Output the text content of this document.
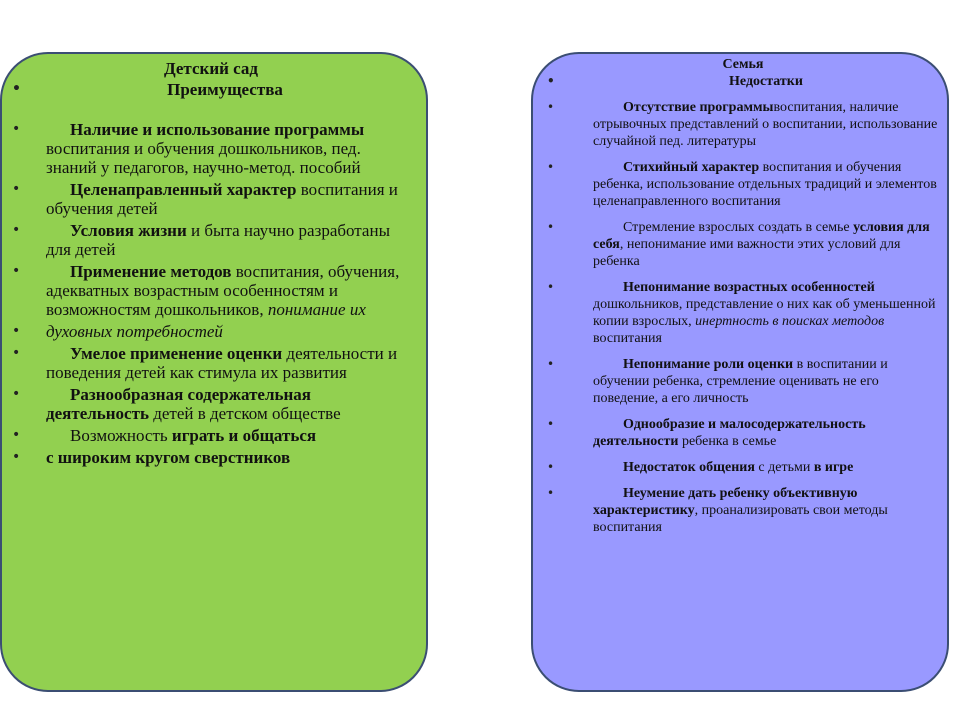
Детский сад
• Преимущества
• Наличие и использование программы воспитания и обучения дошкольников, пед. знаний у педагогов, научно-метод. пособий
• Целенаправленный характер воспитания и обучения детей
• Условия жизни и быта научно разработаны для детей
• Применение методов воспитания, обучения, адекватных возрастным особенностям и возможностям дошкольников, понимание их
• духовных потребностей
• Умелое применение оценки деятельности и поведения детей как стимула их развития
• Разнообразная содержательная деятельность детей в детском обществе
• Возможность играть и общаться
• с широким кругом сверстников
Семья
• Недостатки
• Отсутствие программывоспитания, наличие отрывочных представлений о воспитании, использование случайной пед. литературы
• Стихийный характер воспитания и обучения ребенка, использование отдельных традиций и элементов целенаправленного воспитания
• Стремление взрослых создать в семье условия для себя, непонимание ими важности этих условий для ребенка
• Непонимание возрастных особенностей дошкольников, представление о них как об уменьшенной копии взрослых, инертность в поисках методов воспитания
• Непонимание роли оценки в воспитании и обучении ребенка, стремление оценивать не его поведение, а его личность
• Однообразие и малосодержательность деятельности ребенка в семье
• Недостаток общения с детьми в игре
• Неумение дать ребенку объективную характеристику, проанализировать свои методы воспитания
